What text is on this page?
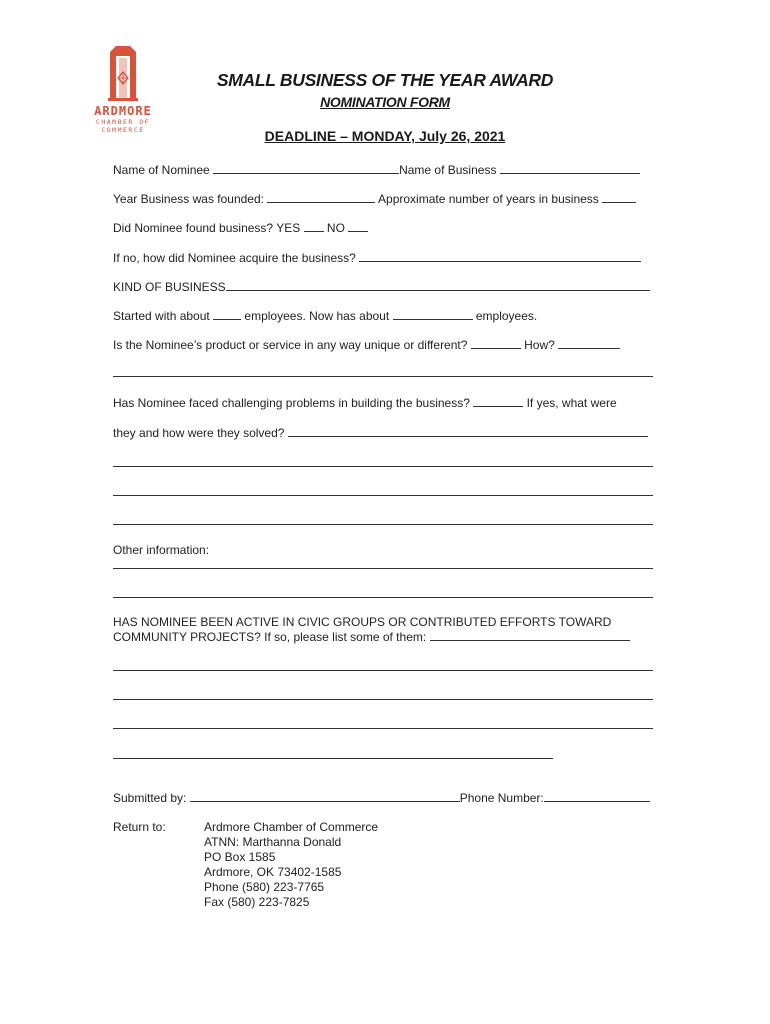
ARDMORE
CHAMBER OF
COMMERCE
SMALL BUSINESS OF THE YEAR AWARD
NOMINATION FORM
DEADLINE – MONDAY, July 26, 2021
Name of Nominee	Name of Business
Year Business was founded:	Approximate number of years in business
Did Nominee found business? YES NO
If no, how did Nominee acquire the business?
KIND OF BUSINESS
Started with about	employees. Now has about	employees.
Is the Nominee’s product or service in any way unique or different?	How?
Has Nominee faced challenging problems in building the business?	If yes, what were
they and how were they solved?
Other information:
HAS NOMINEE BEEN ACTIVE IN CIVIC GROUPS OR CONTRIBUTED EFFORTS TOWARD
COMMUNITY PROJECTS? If so, please list some of them:
Submitted by:	Phone Number:
Return to:	Ardmore Chamber of Commerce
ATNN: Marthanna Donald
PO Box 1585
Ardmore, OK 73402-1585
Phone (580) 223-7765
Fax (580) 223-7825
